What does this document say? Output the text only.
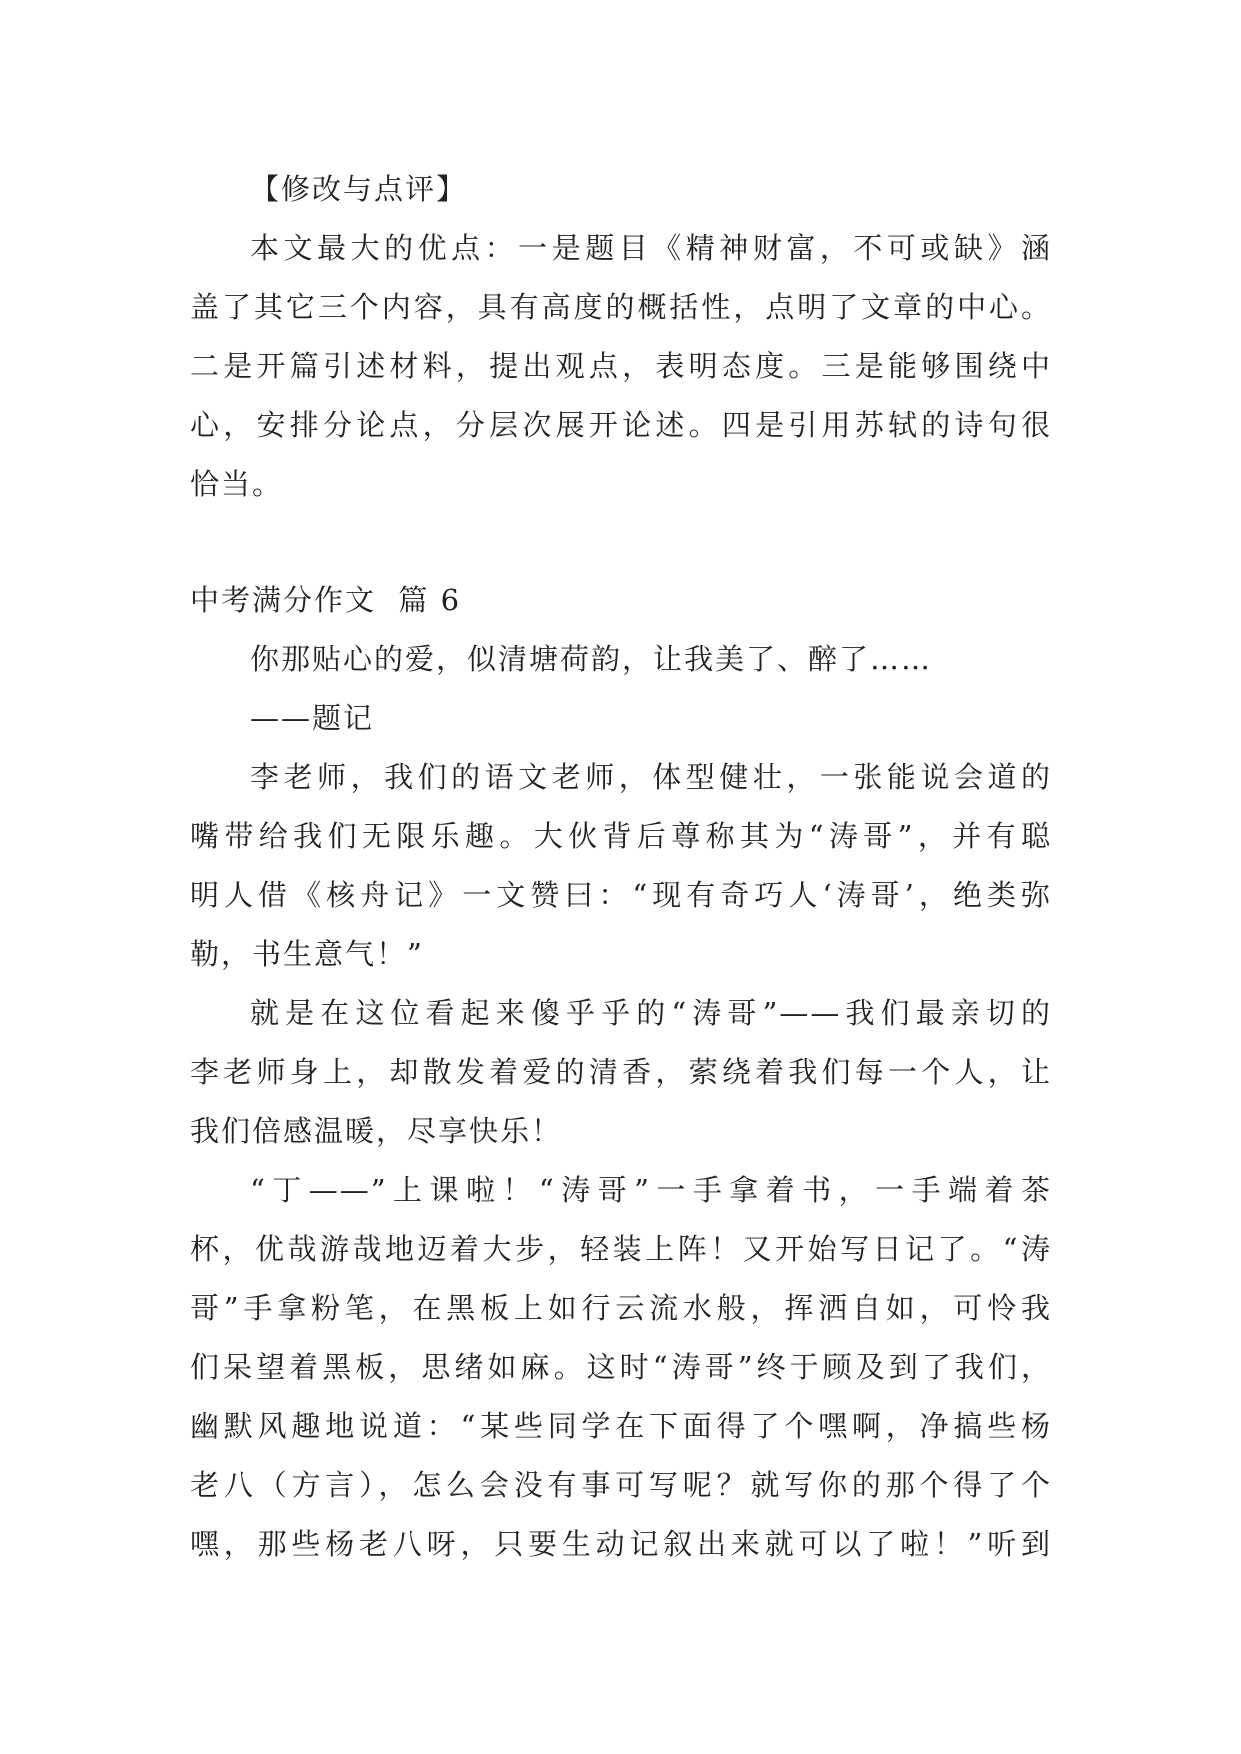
【修改与点评】
本文最大的优点：一是题目《精神财富，不可或缺》涵
盖了其它三个内容，具有高度的概括性，点明了文章的中心。
二是开篇引述材料，提出观点，表明态度。三是能够围绕中
心，安排分论点，分层次展开论述。四是引用苏轼的诗句很
恰当。
中考满分作文  篇 6
你那贴心的爱，似清塘荷韵，让我美了、醉了……
——题记
李老师，我们的语文老师，体型健壮，一张能说会道的
嘴带给我们无限乐趣。大伙背后尊称其为“涛哥”，并有聪
明人借《核舟记》一文赞曰：“现有奇巧人‘涛哥’，绝类弥
勒，书生意气！”
就是在这位看起来傻乎乎的“涛哥”——我们最亲切的
李老师身上，却散发着爱的清香，萦绕着我们每一个人，让
我们倍感温暖，尽享快乐！
“丁——”上课啦！“涛哥”一手拿着书，一手端着茶
杯，优哉游哉地迈着大步，轻装上阵！又开始写日记了。“涛
哥”手拿粉笔，在黑板上如行云流水般，挥洒自如，可怜我
们呆望着黑板，思绪如麻。这时“涛哥”终于顾及到了我们，
幽默风趣地说道：“某些同学在下面得了个嘿啊，净搞些杨
老八（方言），怎么会没有事可写呢？就写你的那个得了个
嘿，那些杨老八呀，只要生动记叙出来就可以了啦！”听到
